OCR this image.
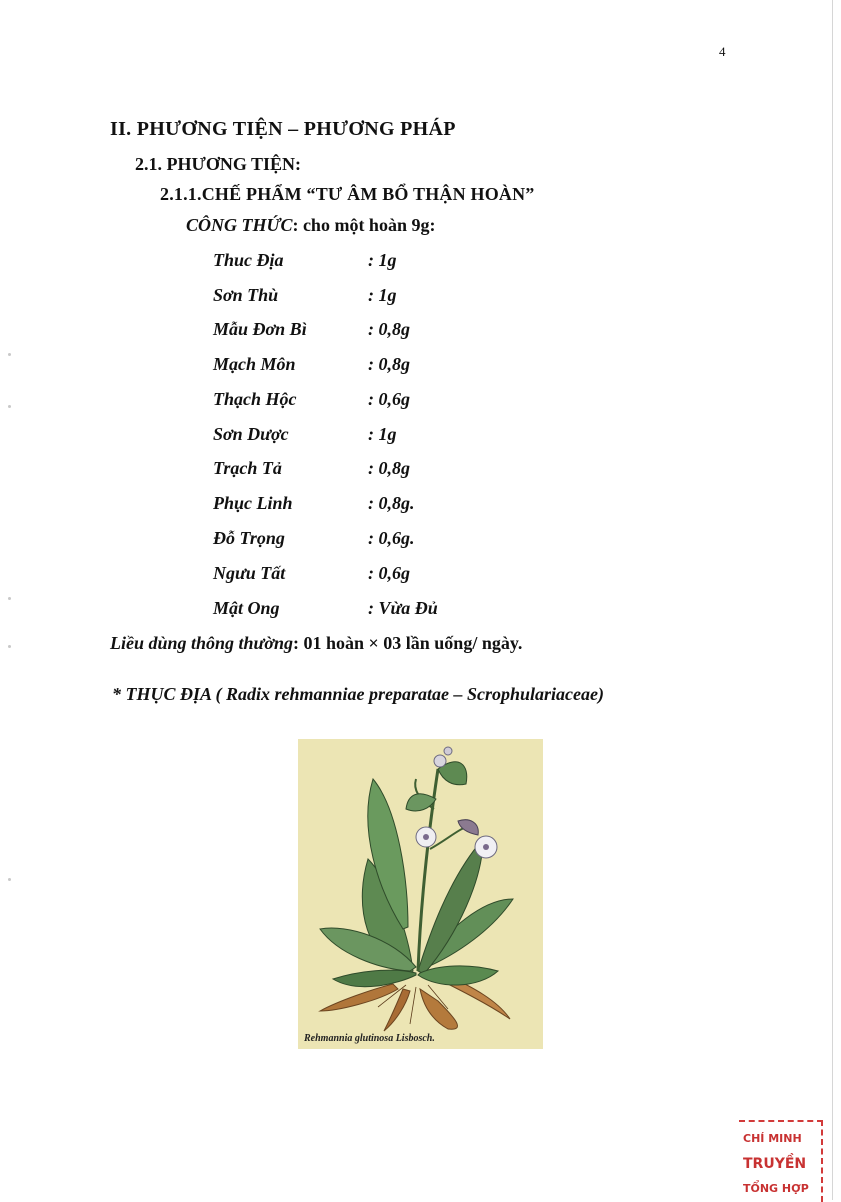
4
II. PHƯƠNG TIỆN – PHƯƠNG PHÁP
2.1. PHƯƠNG TIỆN:
2.1.1.CHẾ PHẨM “TƯ ÂM BỔ THẬN HOÀN”
CÔNG THỨC: cho một hoàn 9g:
Thuc Địa	: 1g
Sơn Thù	: 1g
Mẫu Đơn Bì	: 0,8g
Mạch Môn	: 0,8g
Thạch Hộc	: 0,6g
Sơn Dược	: 1g
Trạch Tả	: 0,8g
Phục Linh	: 0,8g.
Đỗ Trọng	: 0,6g.
Ngưu Tất	: 0,6g
Mật Ong	: Vừa Đủ
Liều dùng thông thường: 01 hoàn × 03 lần uống/ ngày.
* THỤC ĐỊA ( Radix rehmanniae preparatae – Scrophulariaceae)
Rehmannia glutinosa Lisbosch.
CHÍ MINH
TRUYỀN
TỔNG HỢP
